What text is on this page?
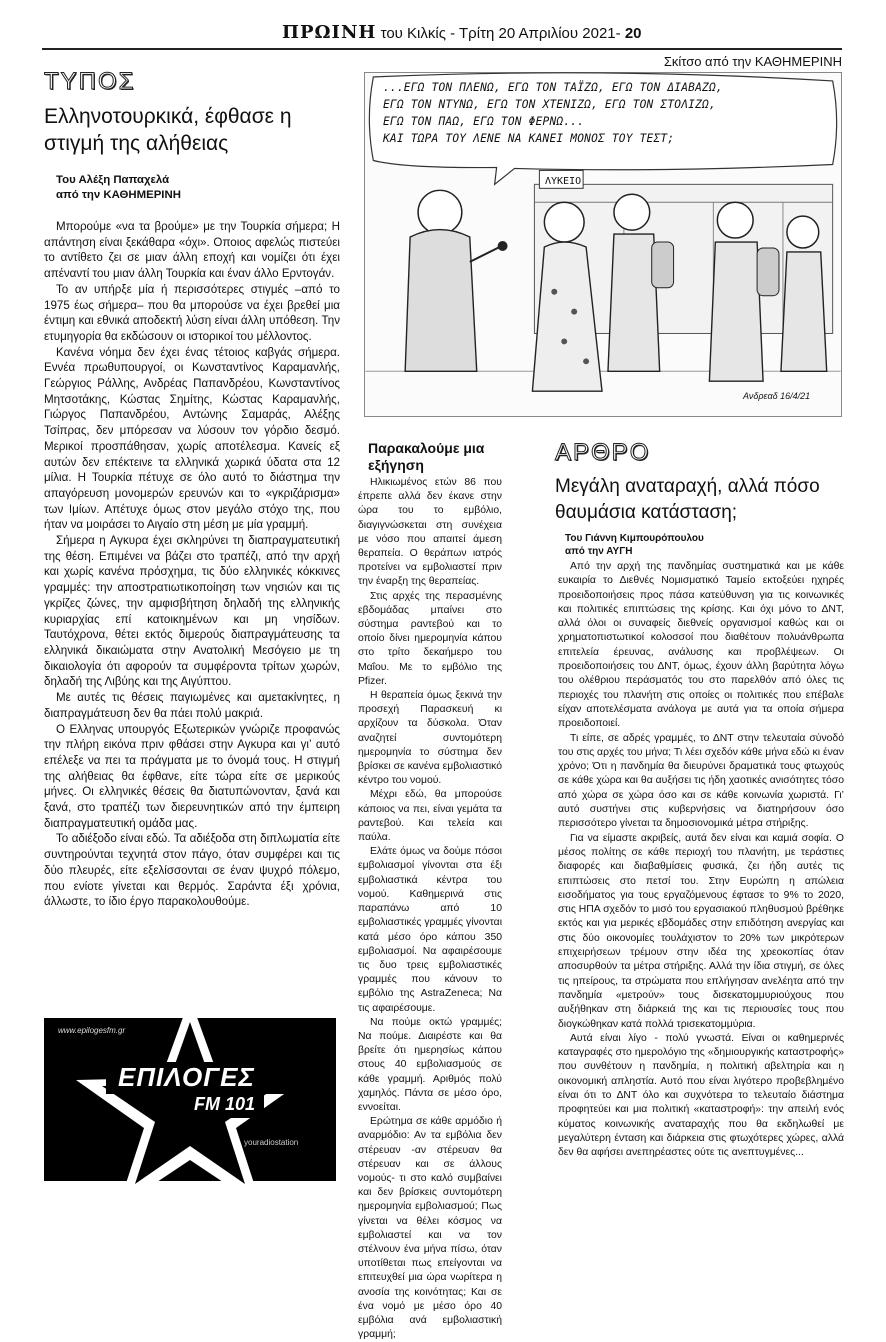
ΠΡΩΙΝΗ του Κιλκίς - Τρίτη 20 Απριλίου 2021- 20
ΤΥΠΟΣ
Ελληνοτουρκικά, έφθασε η στιγμή της αλήθειας
Του Αλέξη Παπαχελά
από την ΚΑΘΗΜΕΡΙΝΗ

Μπορούμε «να τα βρούμε» με την Τουρκία σήμερα; Η απάντηση είναι ξεκάθαρα «όχι». Οποιος αφελώς πιστεύει το αντίθετο ζει σε μιαν άλλη εποχή και νομίζει ότι έχει απέναντί του μιαν άλλη Τουρκία και έναν άλλο Ερντογάν.

Το αν υπήρξε μία ή περισσότερες στιγμές –από το 1975 έως σήμερα– που θα μπορούσε να έχει βρεθεί μια έντιμη και εθνικά αποδεκτή λύση είναι άλλη υπόθεση. Την ετυμηγορία θα εκδώσουν οι ιστορικοί του μέλλοντος.

Κανένα νόημα δεν έχει ένας τέτοιος καβγάς σήμερα. Εννέα πρωθυπουργοί, οι Κωνσταντίνος Καραμανλής, Γεώργιος Ράλλης, Ανδρέας Παπανδρέου, Κωνσταντίνος Μητσοτάκης, Κώστας Σημίτης, Κώστας Καραμανλής, Γιώργος Παπανδρέου, Αντώνης Σαμαράς, Αλέξης Τσίπρας, δεν μπόρεσαν να λύσουν τον γόρδιο δεσμό. Μερικοί προσπάθησαν, χωρίς αποτέλεσμα. Κανείς εξ αυτών δεν επέκτεινε τα ελληνικά χωρικά ύδατα στα 12 μίλια. Η Τουρκία πέτυχε σε όλο αυτό το διάστημα την απαγόρευση μονομερών ερευνών και το «γκριζάρισμα» των Ιμίων. Απέτυχε όμως στον μεγάλο στόχο της, που ήταν να μοιράσει το Αιγαίο στη μέση με μία γραμμή.

Σήμερα η Αγκυρα έχει σκληρύνει τη διαπραγματευτική της θέση. Επιμένει να βάζει στο τραπέζι, από την αρχή και χωρίς κανένα πρόσχημα, τις δύο ελληνικές κόκκινες γραμμές: την αποστρατιωτικοποίηση των νησιών και τις γκρίζες ζώνες, την αμφισβήτηση δηλαδή της ελληνικής κυριαρχίας επί κατοικημένων και μη νησίδων. Ταυτόχρονα, θέτει εκτός διμερούς διαπραγμάτευσης τα ελληνικά δικαιώματα στην Ανατολική Μεσόγειο με τη δικαιολογία ότι αφορούν τα συμφέροντα τρίτων χωρών, δηλαδή της Λιβύης και της Αιγύπτου.

Με αυτές τις θέσεις παγιωμένες και αμετακίνητες, η διαπραγμάτευση δεν θα πάει πολύ μακριά.

Ο Ελληνας υπουργός Εξωτερικών γνώριζε προφανώς την πλήρη εικόνα πριν φθάσει στην Αγκυρα και γι’ αυτό επέλεξε να πει τα πράγματα με το όνομά τους. Η στιγμή της αλήθειας θα έφθανε, είτε τώρα είτε σε μερικούς μήνες. Οι ελληνικές θέσεις θα διατυπώνονταν, ξανά και ξανά, στο τραπέζι των διερευνητικών από την έμπειρη διαπραγματευτική ομάδα μας.

Το αδιέξοδο είναι εδώ. Τα αδιέξοδα στη διπλωματία είτε συντηρούνται τεχνητά στον πάγο, όταν συμφέρει και τις δύο πλευρές, είτε εξελίσσονται σε έναν ψυχρό πόλεμο, που ενίοτε γίνεται και θερμός. Σαράντα έξι χρόνια, άλλωστε, το ίδιο έργο παρακολουθούμε.

www.epilogesfm.gr
ΕΠΙΛΟΓΕΣ
FM 101
youradiostation
Σκίτσο από την ΚΑΘΗΜΕΡΙΝΗ
...ΕΓΩ ΤΟΝ ΠΛΕΝΩ, ΕΓΩ ΤΟΝ ΤΑΪΖΩ, ΕΓΩ ΤΟΝ ΔΙΑΒΑΖΩ,
ΕΓΩ ΤΟΝ ΝΤΥΝΩ, ΕΓΩ ΤΟΝ ΧΤΕΝΙΖΩ, ΕΓΩ ΤΟΝ ΣΤΟΛΙΖΩ,
ΕΓΩ ΤΟΝ ΠΑΩ, ΕΓΩ ΤΟΝ ΦΕΡΝΩ...
ΚΑΙ ΤΩΡΑ ΤΟΥ ΛΕΝΕ ΝΑ ΚΑΝΕΙ ΜΟΝΟΣ ΤΟΥ ΤΕΣΤ;
ΛΥΚΕΙΟ
Ανδρεαδ 16/4/21
Παρακαλούμε μια εξήγηση

Ηλικιωμένος ετών 86 που έπρεπε αλλά δεν έκανε στην ώρα του το εμβόλιο, διαγιγνώσκεται στη συνέχεια με νόσο που απαιτεί άμεση θεραπεία. Ο θεράπων ιατρός προτείνει να εμβολιαστεί πριν την έναρξη της θεραπείας.

Στις αρχές της περασμένης εβδομάδας μπαίνει στο σύστημα ραντεβού και το οποίο δίνει ημερομηνία κάπου στο τρίτο δεκαήμερο του Μαΐου. Με το εμβόλιο της Pfizer.

Η θεραπεία όμως ξεκινά την προσεχή Παρασκευή κι αρχίζουν τα δύσκολα. Όταν αναζητεί συντομότερη ημερομηνία το σύστημα δεν βρίσκει σε κανένα εμβολιαστικό κέντρο του νομού.

Μέχρι εδώ, θα μπορούσε κάποιος να πει, είναι γεμάτα τα ραντεβού. Και τελεία και παύλα.

Ελάτε όμως να δούμε πόσοι εμβολιασμοί γίνονται στα έξι εμβολιαστικά κέντρα του νομού. Καθημερινά στις παραπάνω από 10 εμβολιαστικές γραμμές γίνονται κατά μέσο όρο κάπου 350 εμβολιασμοί. Να αφαιρέσουμε τις δυο τρεις εμβολιαστικές γραμμές που κάνουν το εμβόλιο της AstraZeneca; Να τις αφαιρέσουμε.

Να πούμε οκτώ γραμμές; Να πούμε. Διαιρέστε και θα βρείτε ότι ημερησίως κάπου στους 40 εμβολιασμούς σε κάθε γραμμή. Αριθμός πολύ χαμηλός. Πάντα σε μέσο όρο, εννοείται.

Ερώτημα σε κάθε αρμόδιο ή αναρμόδιο: Αν τα εμβόλια δεν στέρευαν -αν στέρευαν θα στέρευαν και σε άλλους νομούς- τι στο καλό συμβαίνει και δεν βρίσκεις συντομότερη ημερομηνία εμβολιασμού; Πως γίνεται να θέλει κόσμος να εμβολιαστεί και να τον στέλνουν ένα μήνα πίσω, όταν υποτίθεται πως επείγονται να επιτευχθεί μια ώρα νωρίτερα η ανοσία της κοινότητας; Και σε ένα νομό με μέσο όρο 40 εμβόλια ανά εμβολιαστική γραμμή;

ΑΡΘΡΟ
Μεγάλη αναταραχή, αλλά πόσο θαυμάσια κατάσταση;
Του Γιάννη Κιμπουρόπουλου
από την ΑΥΓΗ

Από την αρχή της πανδημίας συστηματικά και με κάθε ευκαιρία το Διεθνές Νομισματικό Ταμείο εκτοξεύει ηχηρές προειδοποιήσεις προς πάσα κατεύθυνση για τις κοινωνικές και πολιτικές επιπτώσεις της κρίσης. Και όχι μόνο το ΔΝΤ, αλλά όλοι οι συναφείς διεθνείς οργανισμοί καθώς και οι χρηματοπιστωτικοί κολοσσοί που διαθέτουν πολυάνθρωπα επιτελεία έρευνας, ανάλυσης και προβλέψεων. Οι προειδοποιήσεις του ΔΝΤ, όμως, έχουν άλλη βαρύτητα λόγω του ολέθριου περάσματός του στο παρελθόν από όλες τις περιοχές του πλανήτη στις οποίες οι πολιτικές που επέβαλε είχαν αποτελέσματα ανάλογα με αυτά για τα οποία σήμερα προειδοποιεί.

Τι είπε, σε αδρές γραμμές, το ΔΝΤ στην τελευταία σύνοδό του στις αρχές του μήνα; Τι λέει σχεδόν κάθε μήνα εδώ κι έναν χρόνο; Ότι η πανδημία θα διευρύνει δραματικά τους φτωχούς σε κάθε χώρα και θα αυξήσει τις ήδη χαοτικές ανισότητες τόσο από χώρα σε χώρα όσο και σε κάθε κοινωνία χωριστά. Γι’ αυτό συστήνει στις κυβερνήσεις να διατηρήσουν όσο περισσότερο γίνεται τα δημοσιονομικά μέτρα στήριξης.

Για να είμαστε ακριβείς, αυτά δεν είναι και καμιά σοφία. Ο μέσος πολίτης σε κάθε περιοχή του πλανήτη, με τεράστιες διαφορές και διαβαθμίσεις φυσικά, ζει ήδη αυτές τις επιπτώσεις στο πετσί του. Στην Ευρώπη η απώλεια εισοδήματος για τους εργαζόμενους έφτασε το 9% το 2020, στις ΗΠΑ σχεδόν το μισό του εργασιακού πληθυσμού βρέθηκε εκτός και για μερικές εβδομάδες στην επιδότηση ανεργίας και στις δύο οικονομίες τουλάχιστον το 20% των μικρότερων επιχειρήσεων τρέμουν στην ιδέα της χρεοκοπίας όταν αποσυρθούν τα μέτρα στήριξης. Αλλά την ίδια στιγμή, σε όλες τις ηπείρους, τα στρώματα που επλήγησαν ανελέητα από την πανδημία «μετρούν» τους δισεκατομμυριούχους που αυξήθηκαν στη διάρκειά της και τις περιουσίες τους που διογκώθηκαν κατά πολλά τρισεκατομμύρια.

Αυτά είναι λίγο - πολύ γνωστά. Είναι οι καθημερινές καταγραφές στο ημερολόγιο της «δημιουργικής καταστροφής» που συνθέτουν η πανδημία, η πολιτική αβελτηρία και η οικονομική απληστία. Αυτό που είναι λιγότερο προβεβλημένο είναι ότι το ΔΝΤ όλο και συχνότερα το τελευταίο διάστημα προφητεύει και μια πολιτική «καταστροφή»: την απειλή ενός κύματος κοινωνικής αναταραχής που θα εκδηλωθεί με μεγαλύτερη ένταση και διάρκεια στις φτωχότερες χώρες, αλλά δεν θα αφήσει ανεπηρέαστες ούτε τις ανεπτυγμένες...
